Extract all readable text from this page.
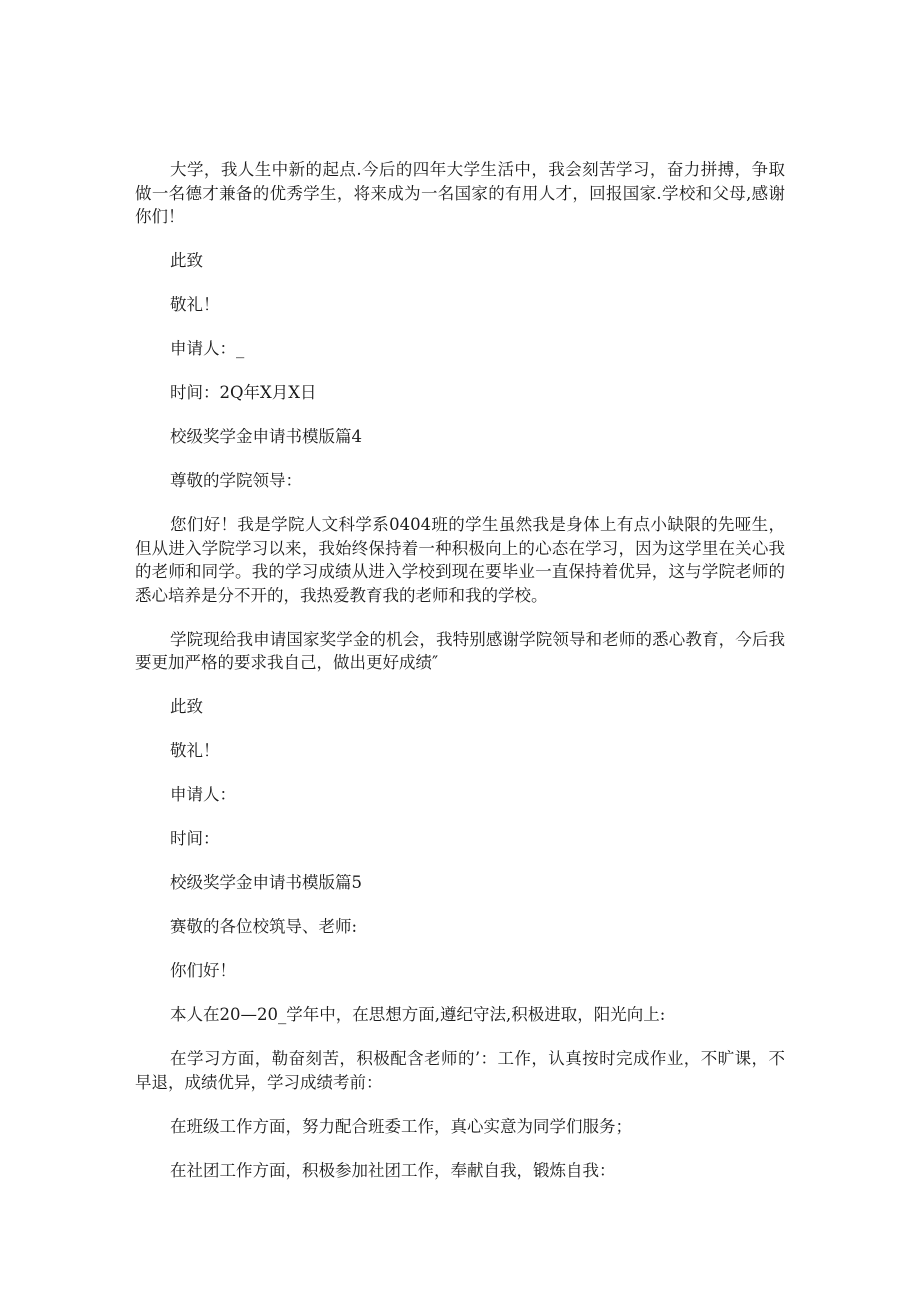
大学，我人生中新的起点.今后的四年大学生活中，我会刻苦学习，奋力拼搏，争取做一名德才兼备的优秀学生，将来成为一名国家的有用人才，回报国家.学校和父母,感谢你们！

此致

敬礼！

申请人：_

时间：2Q年X月X日

校级奖学金申请书模版篇4

尊敬的学院领导：

您们好！我是学院人文科学系0404班的学生虽然我是身体上有点小缺限的先哑生，但从进入学院学习以来，我始终保持着一种积极向上的心态在学习，因为这学里在关心我的老师和同学。我的学习成绩从进入学校到现在要毕业一直保持着优异，这与学院老师的悉心培养是分不开的，我热爱教育我的老师和我的学校。

学院现给我申请国家奖学金的机会，我特别感谢学院领导和老师的悉心教育，今后我要更加严格的要求我自己，做出更好成绩″

此致

敬礼！

申请人：

时间：

校级奖学金申请书模版篇5

赛敬的各位校筑导、老师:

你们好！

本人在20—20_学年中，在思想方面,遵纪守法,积极进取，阳光向上:

在学习方面，勒奋刻苦，积极配含老师的’：工作，认真按时完成作业，不旷课，不早退，成绩优异，学习成绩考前：

在班级工作方面，努力配合班委工作，真心实意为同学们服务；

在社团工作方面，积极参加社团工作，奉献自我，锻炼自我：
